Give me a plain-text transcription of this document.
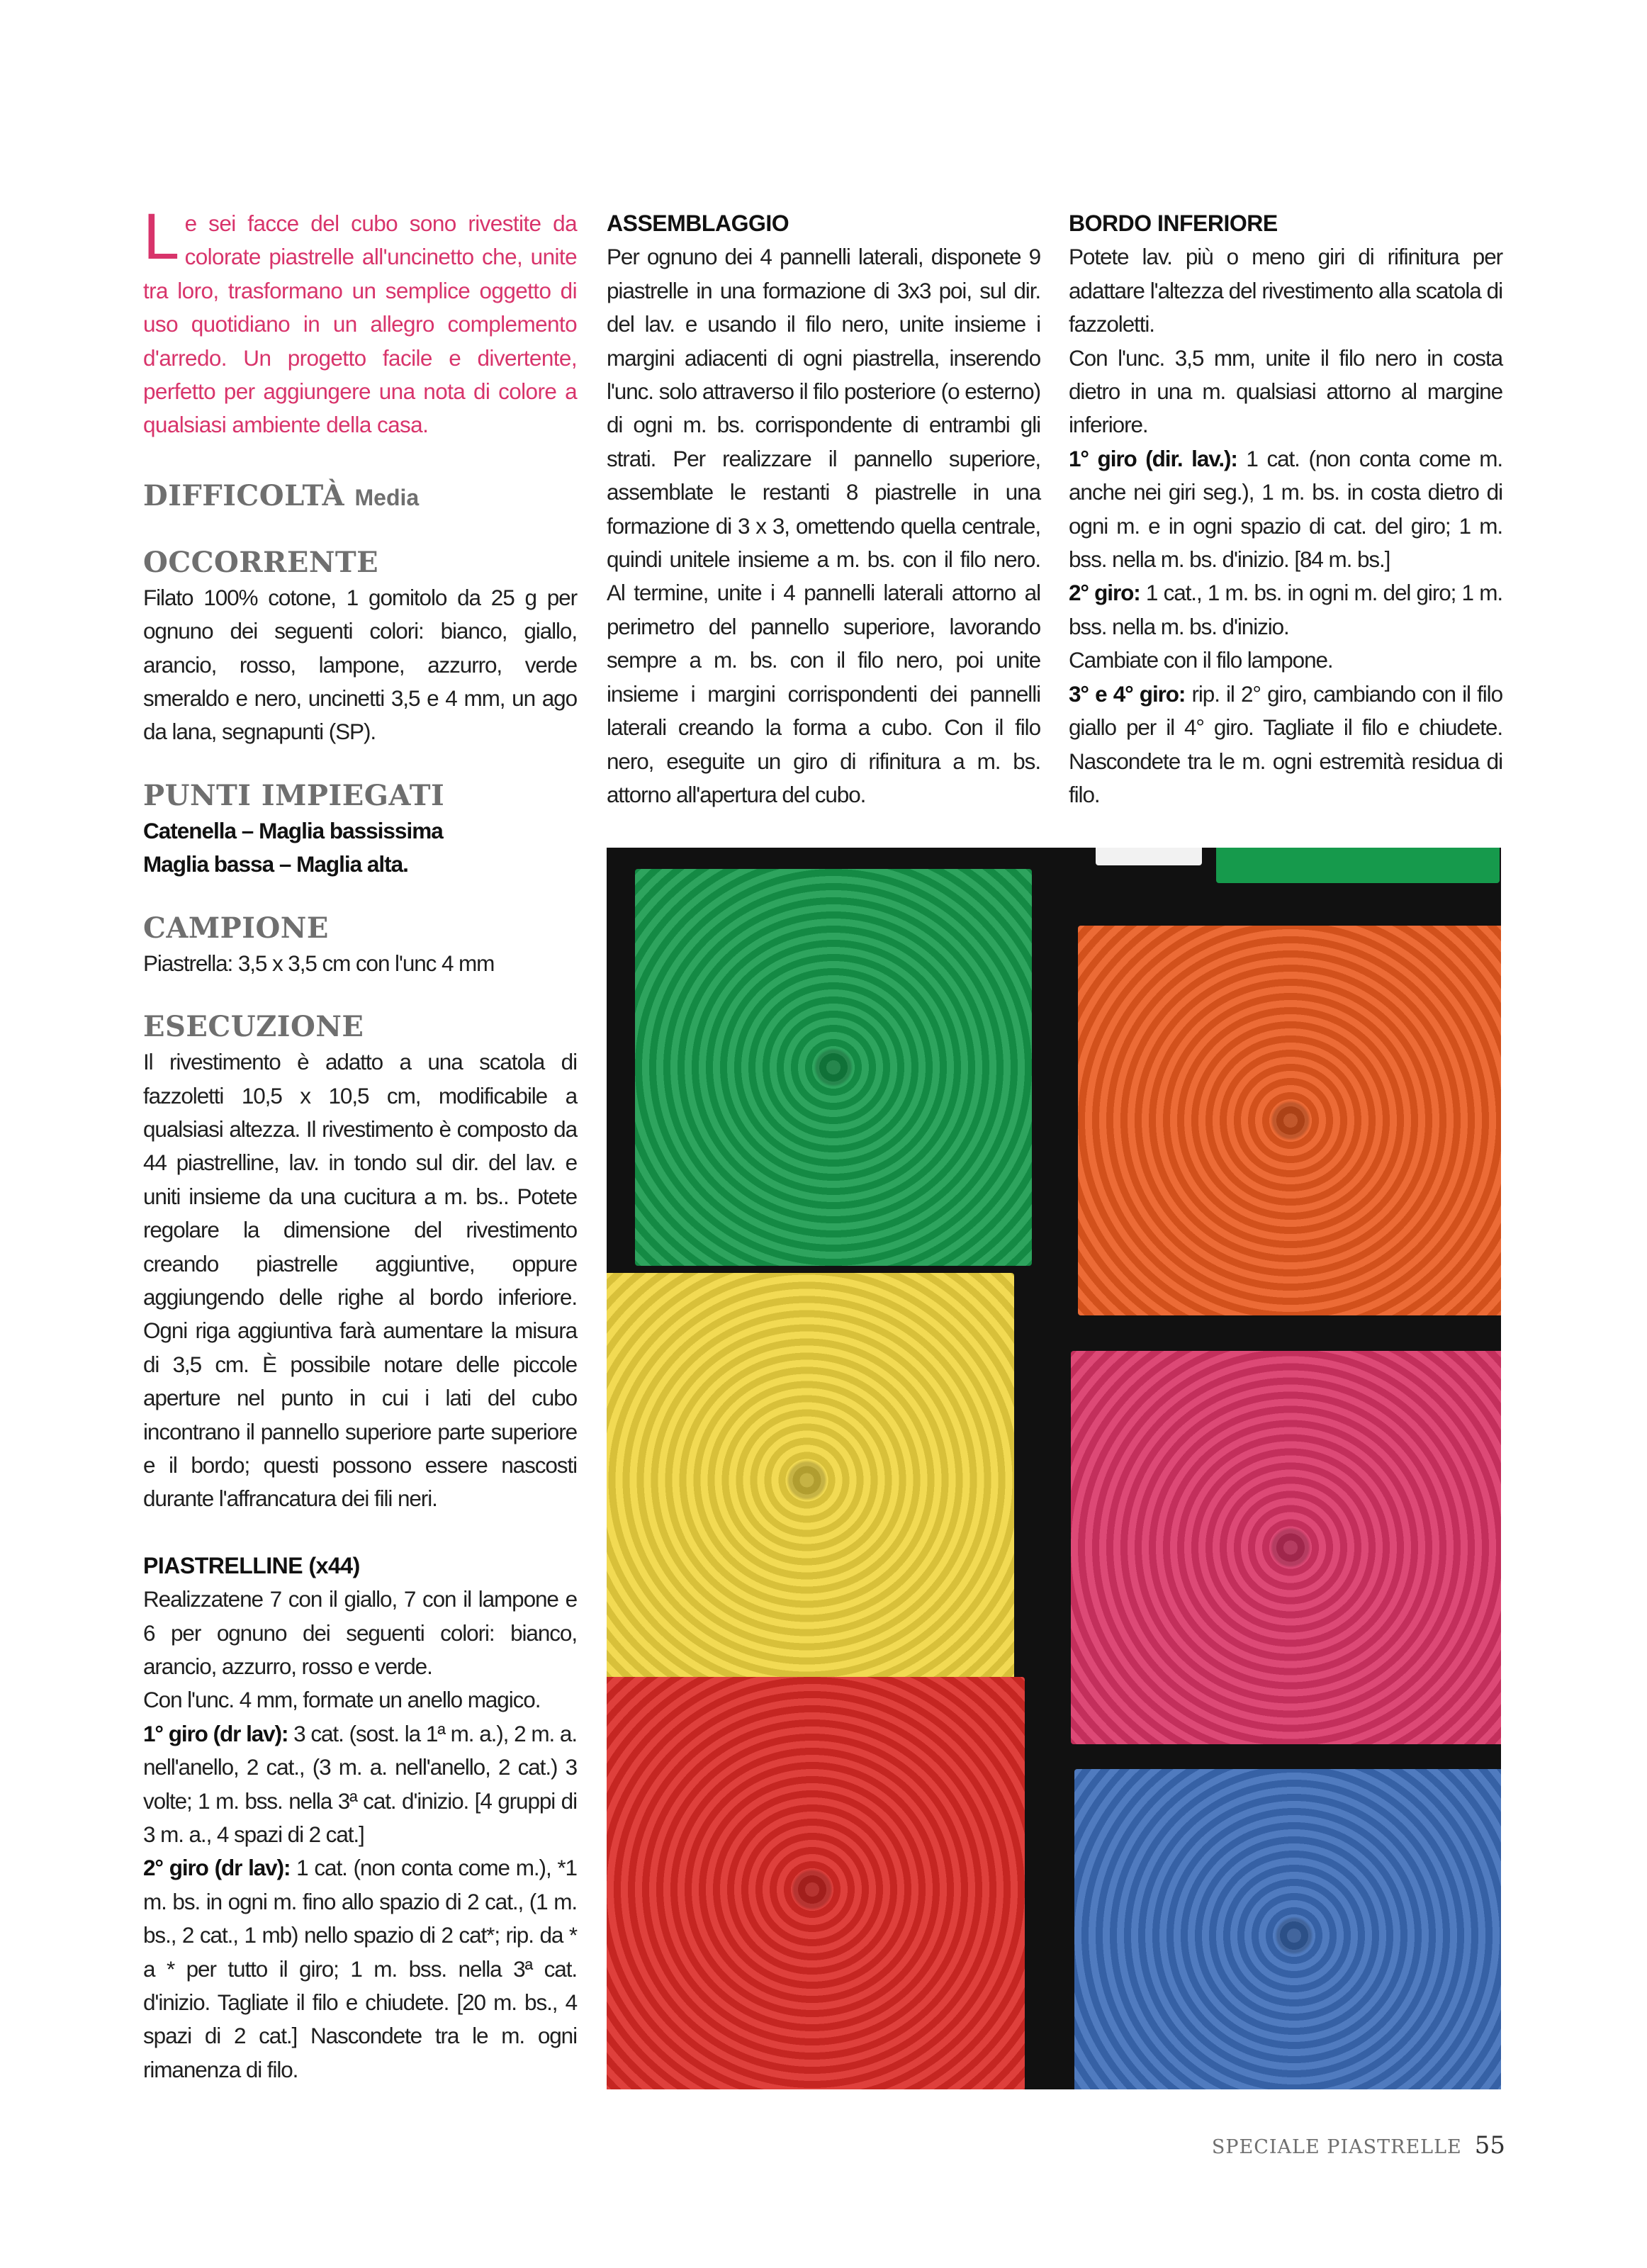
Le sei facce del cubo sono rivestite da colorate piastrelle all'uncinetto che, unite tra loro, trasformano un semplice oggetto di uso quotidiano in un allegro complemento d'arredo. Un progetto facile e divertente, perfetto per aggiungere una nota di colore a qualsiasi ambiente della casa.
DIFFICOLTÀ Media
OCCORRENTE

Filato 100% cotone, 1 gomitolo da 25 g per ognuno dei seguenti colori: bianco, giallo, arancio, rosso, lampone, azzurro, verde smeraldo e nero, uncinetti 3,5 e 4 mm, un ago da lana, segnapunti (SP).

PUNTI IMPIEGATI

Catenella – Maglia bassissima

Maglia bassa – Maglia alta.

CAMPIONE

Piastrella: 3,5 x 3,5 cm con l'unc 4 mm

ESECUZIONE

Il rivestimento è adatto a una scatola di fazzoletti 10,5 x 10,5 cm, modificabile a qualsiasi altezza. Il rivestimento è composto da 44 piastrelline, lav. in tondo sul dir. del lav. e uniti insieme da una cucitura a m. bs.. Potete regolare la dimensione del rivestimento creando piastrelle aggiuntive, oppure aggiungendo delle righe al bordo inferiore. Ogni riga aggiuntiva farà aumentare la misura di 3,5 cm. È possibile notare delle piccole aperture nel punto in cui i lati del cubo incontrano il pannello superiore parte superiore e il bordo; questi possono essere nascosti durante l'affrancatura dei fili neri.

PIASTRELLINE (x44)

Realizzatene 7 con il giallo, 7 con il lampone e 6 per ognuno dei seguenti colori: bianco, arancio, azzurro, rosso e verde.

Con l'unc. 4 mm, formate un anello magico.

1° giro (dr lav): 3 cat. (sost. la 1ª m. a.), 2 m. a. nell'anello, 2 cat., (3 m. a. nell'anello, 2 cat.) 3 volte; 1 m. bss. nella 3ª cat. d'inizio. [4 gruppi di 3 m. a., 4 spazi di 2 cat.]

2° giro (dr lav): 1 cat. (non conta come m.), *1 m. bs. in ogni m. fino allo spazio di 2 cat., (1 m. bs., 2 cat., 1 mb) nello spazio di 2 cat*; rip. da * a * per tutto il giro; 1 m. bss. nella 3ª cat. d'inizio. Tagliate il filo e chiudete. [20 m. bs., 4 spazi di 2 cat.] Nascondete tra le m. ogni rimanenza di filo.

ASSEMBLAGGIO

Per ognuno dei 4 pannelli laterali, disponete 9 piastrelle in una formazione di 3x3 poi, sul dir. del lav. e usando il filo nero, unite insieme i margini adiacenti di ogni piastrella, inserendo l'unc. solo attraverso il filo posteriore (o esterno) di ogni m. bs. corrispondente di entrambi gli strati. Per realizzare il pannello superiore, assemblate le restanti 8 piastrelle in una formazione di 3 x 3, omettendo quella centrale, quindi unitele insieme a m. bs. con il filo nero. Al termine, unite i 4 pannelli laterali attorno al perimetro del pannello superiore, lavorando sempre a m. bs. con il filo nero, poi unite insieme i margini corrispondenti dei pannelli laterali creando la forma a cubo. Con il filo nero, eseguite un giro di rifinitura a m. bs. attorno all'apertura del cubo.

BORDO INFERIORE

Potete lav. più o meno giri di rifinitura per adattare l'altezza del rivestimento alla scatola di fazzoletti.

Con l'unc. 3,5 mm, unite il filo nero in costa dietro in una m. qualsiasi attorno al margine inferiore.

1° giro (dir. lav.): 1 cat. (non conta come m. anche nei giri seg.), 1 m. bs. in costa dietro di ogni m. e in ogni spazio di cat. del giro; 1 m. bss. nella m. bs. d'inizio. [84 m. bs.]

2° giro: 1 cat., 1 m. bs. in ogni m. del giro; 1 m. bss. nella m. bs. d'inizio.

Cambiate con il filo lampone.

3° e 4° giro: rip. il 2° giro, cambiando con il filo giallo per il 4° giro. Tagliate il filo e chiudete. Nascondete tra le m. ogni estremità residua di filo.

SPECIALE PIASTRELLE 55
